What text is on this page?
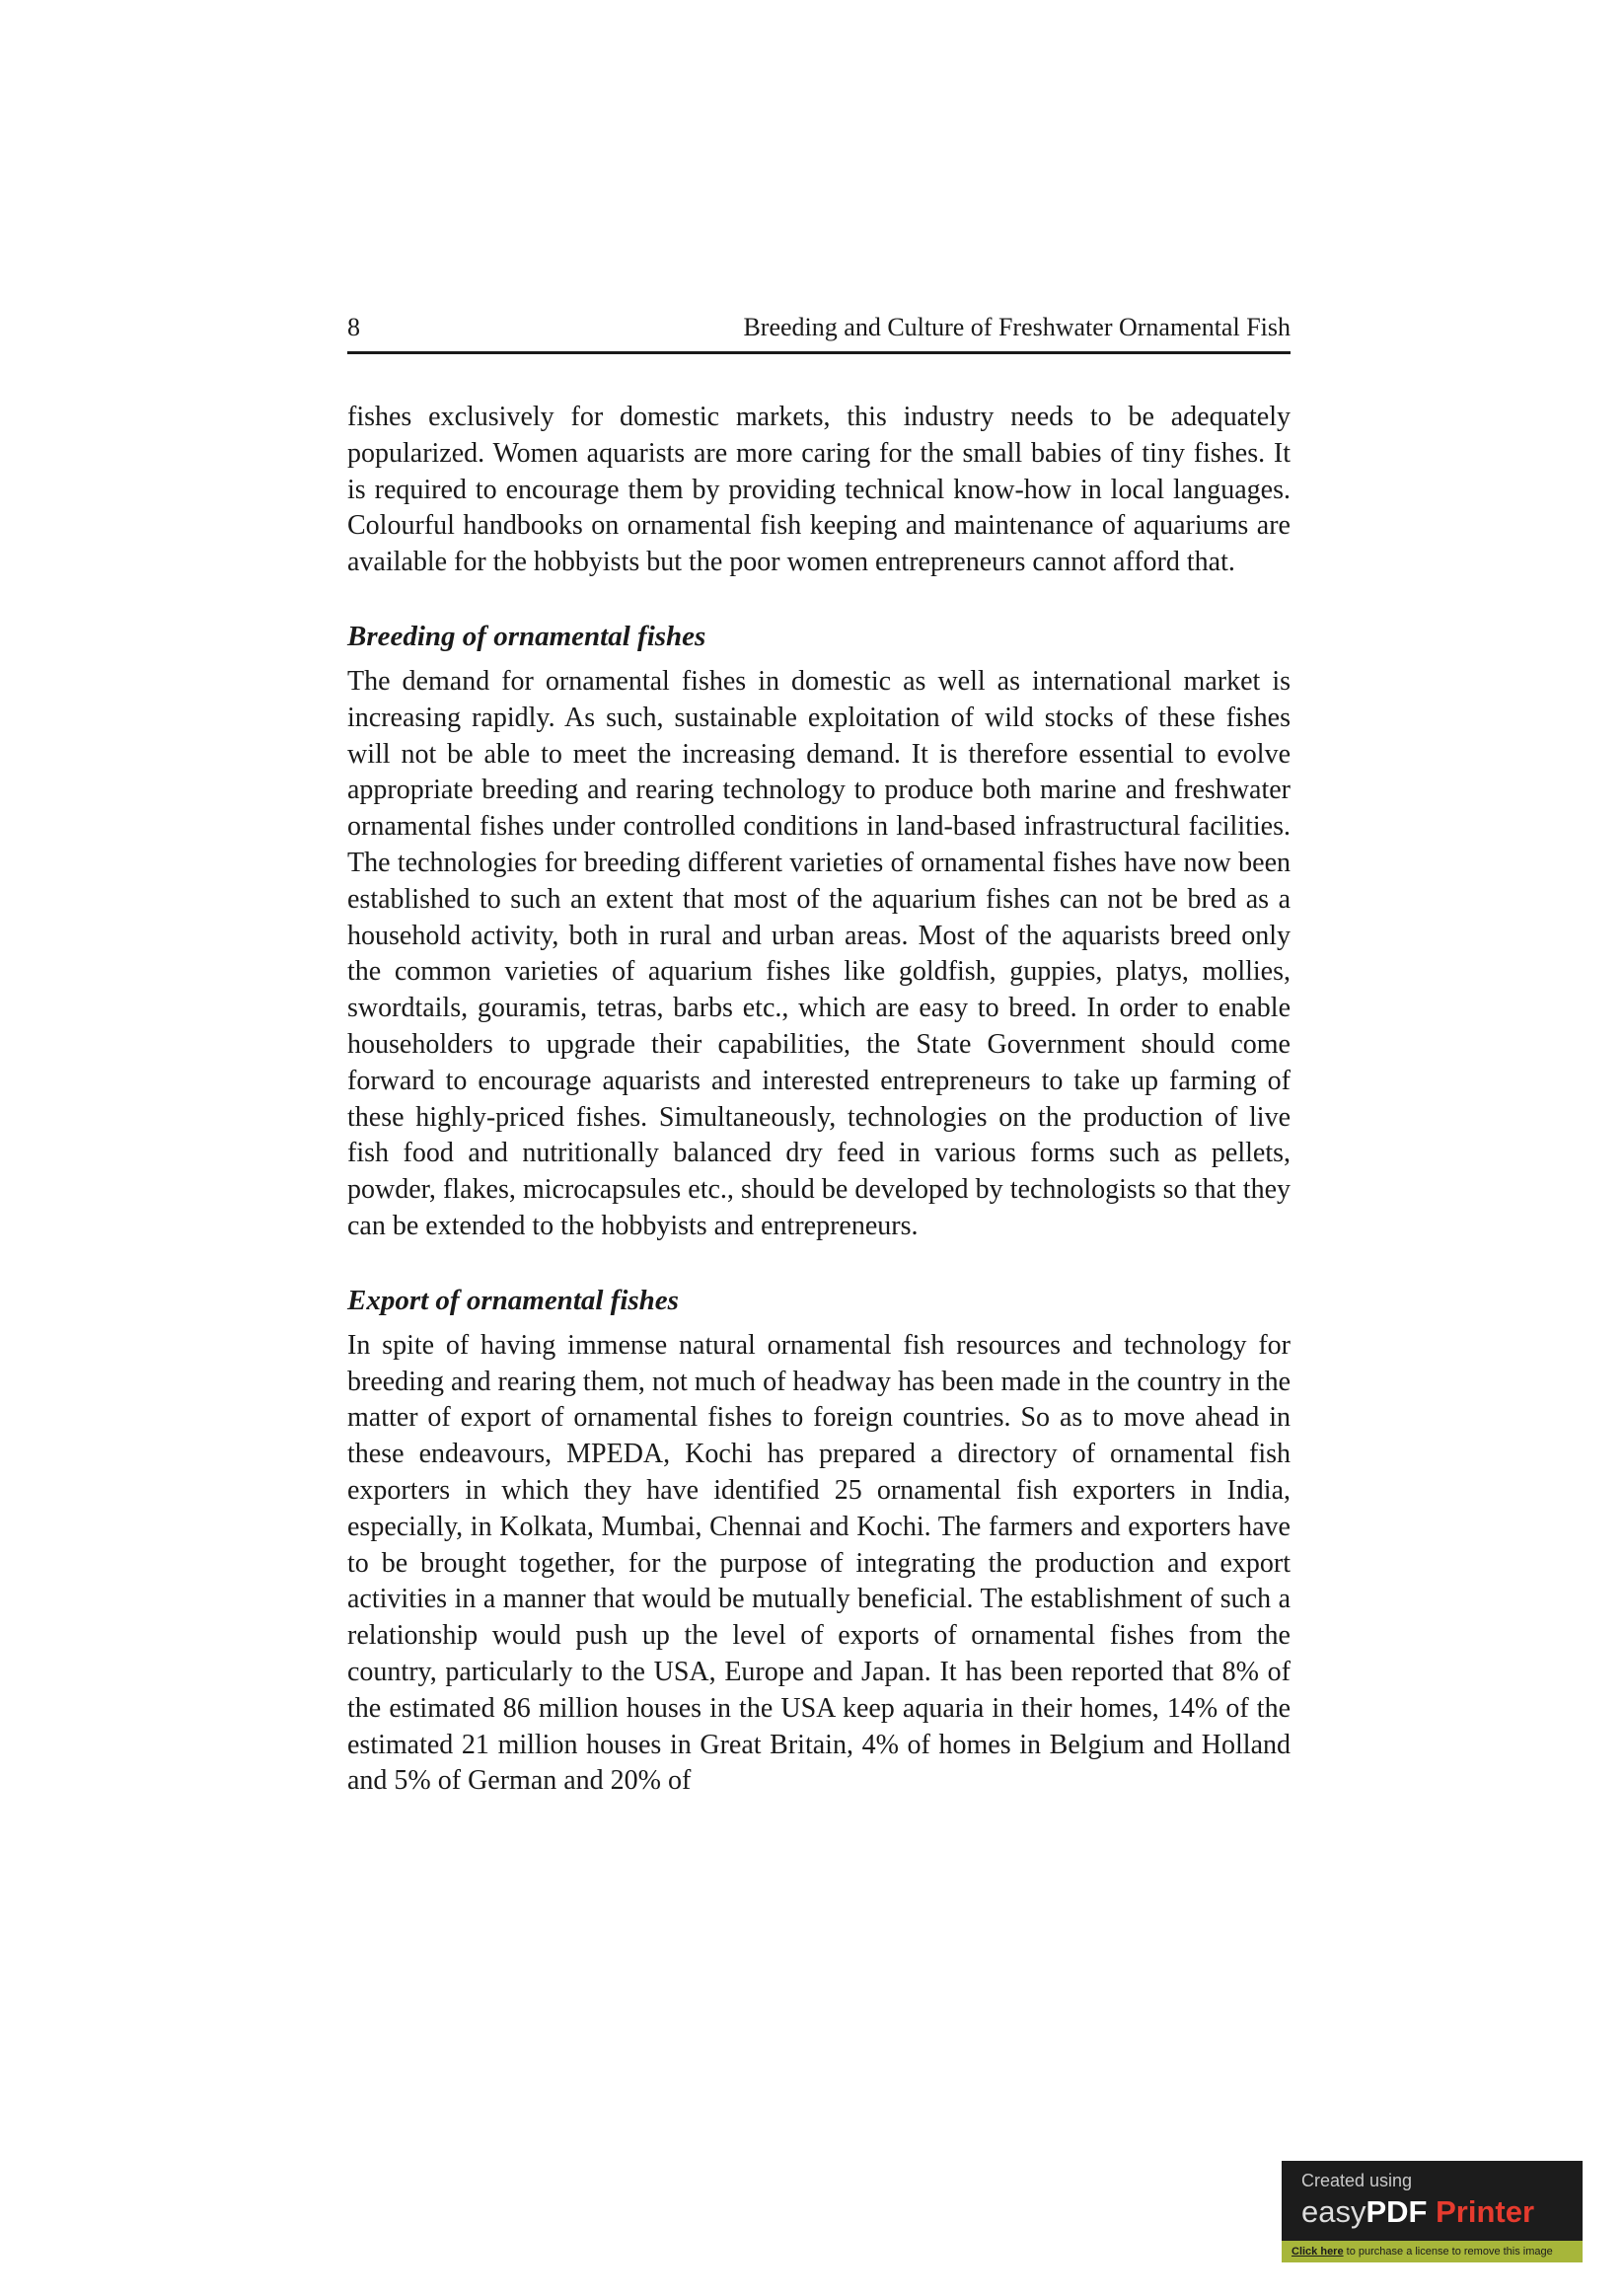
8	Breeding and Culture of Freshwater Ornamental Fish

fishes exclusively for domestic markets, this industry needs to be adequately popularized. Women aquarists are more caring for the small babies of tiny fishes. It is required to encourage them by providing technical know-how in local languages. Colourful handbooks on ornamental fish keeping and maintenance of aquariums are available for the hobbyists but the poor women entrepreneurs cannot afford that.

Breeding of ornamental fishes

The demand for ornamental fishes in domestic as well as international market is increasing rapidly. As such, sustainable exploitation of wild stocks of these fishes will not be able to meet the increasing demand. It is therefore essential to evolve appropriate breeding and rearing technology to produce both marine and freshwater ornamental fishes under controlled conditions in land-based infrastructural facilities. The technologies for breeding different varieties of ornamental fishes have now been established to such an extent that most of the aquarium fishes can not be bred as a household activity, both in rural and urban areas. Most of the aquarists breed only the common varieties of aquarium fishes like goldfish, guppies, platys, mollies, swordtails, gouramis, tetras, barbs etc., which are easy to breed. In order to enable householders to upgrade their capabilities, the State Government should come forward to encourage aquarists and interested entrepreneurs to take up farming of these highly-priced fishes. Simultaneously, technologies on the production of live fish food and nutritionally balanced dry feed in various forms such as pellets, powder, flakes, microcapsules etc., should be developed by technologists so that they can be extended to the hobbyists and entrepreneurs.

Export of ornamental fishes

In spite of having immense natural ornamental fish resources and technology for breeding and rearing them, not much of headway has been made in the country in the matter of export of ornamental fishes to foreign countries. So as to move ahead in these endeavours, MPEDA, Kochi has prepared a directory of ornamental fish exporters in which they have identified 25 ornamental fish exporters in India, especially, in Kolkata, Mumbai, Chennai and Kochi. The farmers and exporters have to be brought together, for the purpose of integrating the production and export activities in a manner that would be mutually beneficial. The establishment of such a relationship would push up the level of exports of ornamental fishes from the country, particularly to the USA, Europe and Japan. It has been reported that 8% of the estimated 86 million houses in the USA keep aquaria in their homes, 14% of the estimated 21 million houses in Great Britain, 4% of homes in Belgium and Holland and 5% of German and 20% of

Created using
easyPDF Printer
Click here to purchase a license to remove this image
